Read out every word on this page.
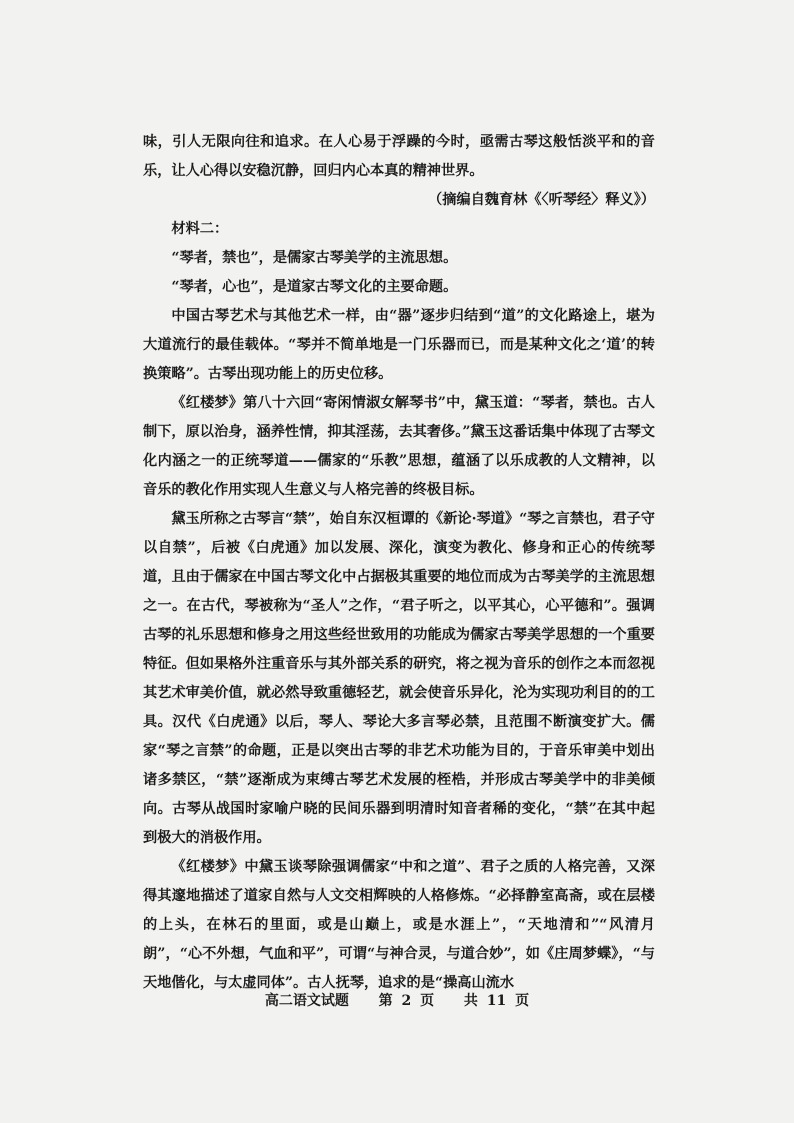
味，引人无限向往和追求。在人心易于浮躁的今时，亟需古琴这般恬淡平和的音乐，让人心得以安稳沉静，回归内心本真的精神世界。

（摘编自魏育林《〈听琴经〉释义》）

材料二：

“琴者，禁也”，是儒家古琴美学的主流思想。

“琴者，心也”，是道家古琴文化的主要命题。

中国古琴艺术与其他艺术一样，由“器”逐步归结到“道”的文化路途上，堪为大道流行的最佳载体。“琴并不简单地是一门乐器而已，而是某种文化之‘道’的转换策略”。古琴出现功能上的历史位移。

《红楼梦》第八十六回“寄闲情淑女解琴书”中，黛玉道：“琴者，禁也。古人制下，原以治身，涵养性情，抑其淫荡，去其奢侈。”黛玉这番话集中体现了古琴文化内涵之一的正统琴道——儒家的“乐教”思想，蕴涵了以乐成教的人文精神，以音乐的教化作用实现人生意义与人格完善的终极目标。

黛玉所称之古琴言“禁”，始自东汉桓谭的《新论·琴道》“琴之言禁也，君子守以自禁”，后被《白虎通》加以发展、深化，演变为教化、修身和正心的传统琴道，且由于儒家在中国古琴文化中占据极其重要的地位而成为古琴美学的主流思想之一。在古代，琴被称为“圣人”之作，“君子听之，以平其心，心平德和”。强调古琴的礼乐思想和修身之用这些经世致用的功能成为儒家古琴美学思想的一个重要特征。但如果格外注重音乐与其外部关系的研究，将之视为音乐的创作之本而忽视其艺术审美价值，就必然导致重德轻艺，就会使音乐异化，沦为实现功利目的的工具。汉代《白虎通》以后，琴人、琴论大多言琴必禁，且范围不断演变扩大。儒家“琴之言禁”的命题，正是以突出古琴的非艺术功能为目的，于音乐审美中划出诸多禁区，“禁”逐渐成为束缚古琴艺术发展的桎梏，并形成古琴美学中的非美倾向。古琴从战国时家喻户晓的民间乐器到明清时知音者稀的变化，“禁”在其中起到极大的消极作用。

《红楼梦》中黛玉谈琴除强调儒家“中和之道”、君子之质的人格完善，又深得其邃地描述了道家自然与人文交相辉映的人格修炼。“必择静室高斋，或在层楼的上头，在林石的里面，或是山巅上，或是水涯上”，“天地清和”“风清月朗”，“心不外想，气血和平”，可谓“与神合灵，与道合妙”，如《庄周梦蝶》，“与天地偕化，与太虚同体”。古人抚琴，追求的是“操高山流水

高二语文试题 第 2 页 共 11 页
